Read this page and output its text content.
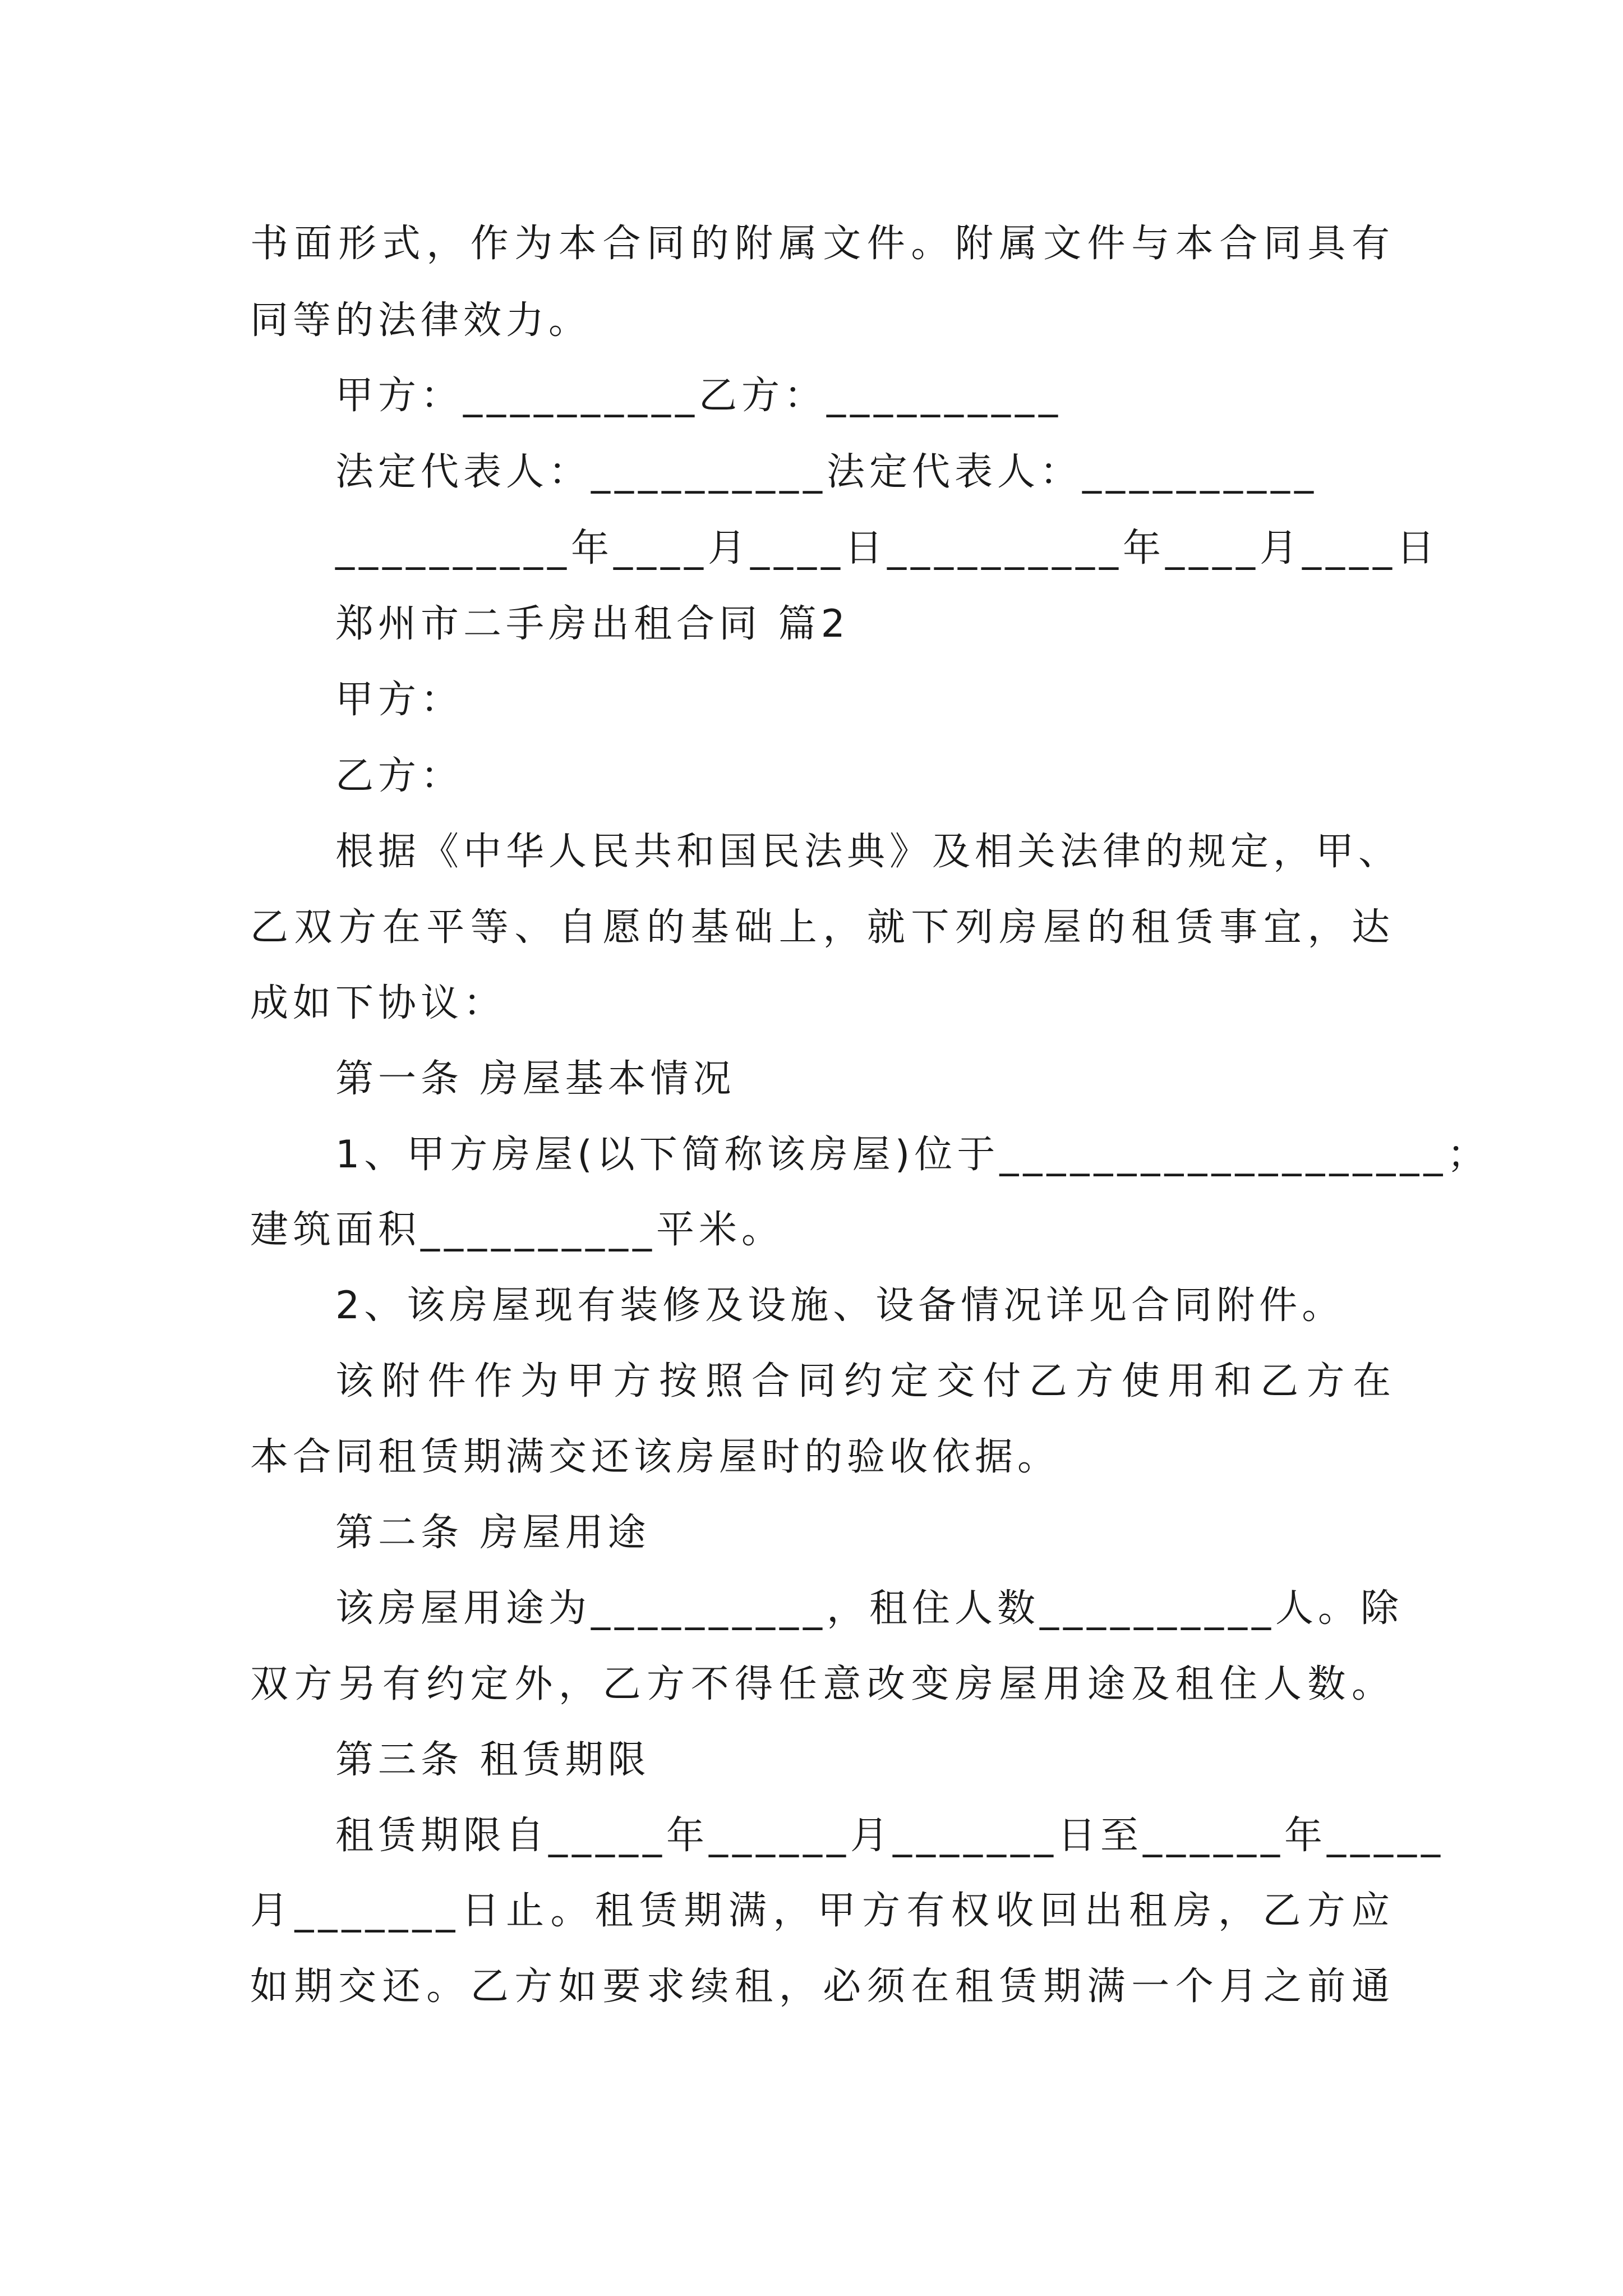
书面形式，作为本合同的附属文件。附属文件与本合同具有
同等的法律效力。
甲方：__________乙方：__________
法定代表人：__________法定代表人：__________
__________年____月____日__________年____月____日
郑州市二手房出租合同 篇2
甲方：
乙方：
根据《中华人民共和国民法典》及相关法律的规定，甲、
乙双方在平等、自愿的基础上，就下列房屋的租赁事宜，达
成如下协议：
第一条 房屋基本情况
1、甲方房屋(以下简称该房屋)位于___________________；
建筑面积__________平米。
2、该房屋现有装修及设施、设备情况详见合同附件。
该附件作为甲方按照合同约定交付乙方使用和乙方在
本合同租赁期满交还该房屋时的验收依据。
第二条 房屋用途
该房屋用途为__________，租住人数__________人。除
双方另有约定外，乙方不得任意改变房屋用途及租住人数。
第三条 租赁期限
租赁期限自_____年______月_______日至______年_____
月_______日止。租赁期满，甲方有权收回出租房，乙方应
如期交还。乙方如要求续租，必须在租赁期满一个月之前通
